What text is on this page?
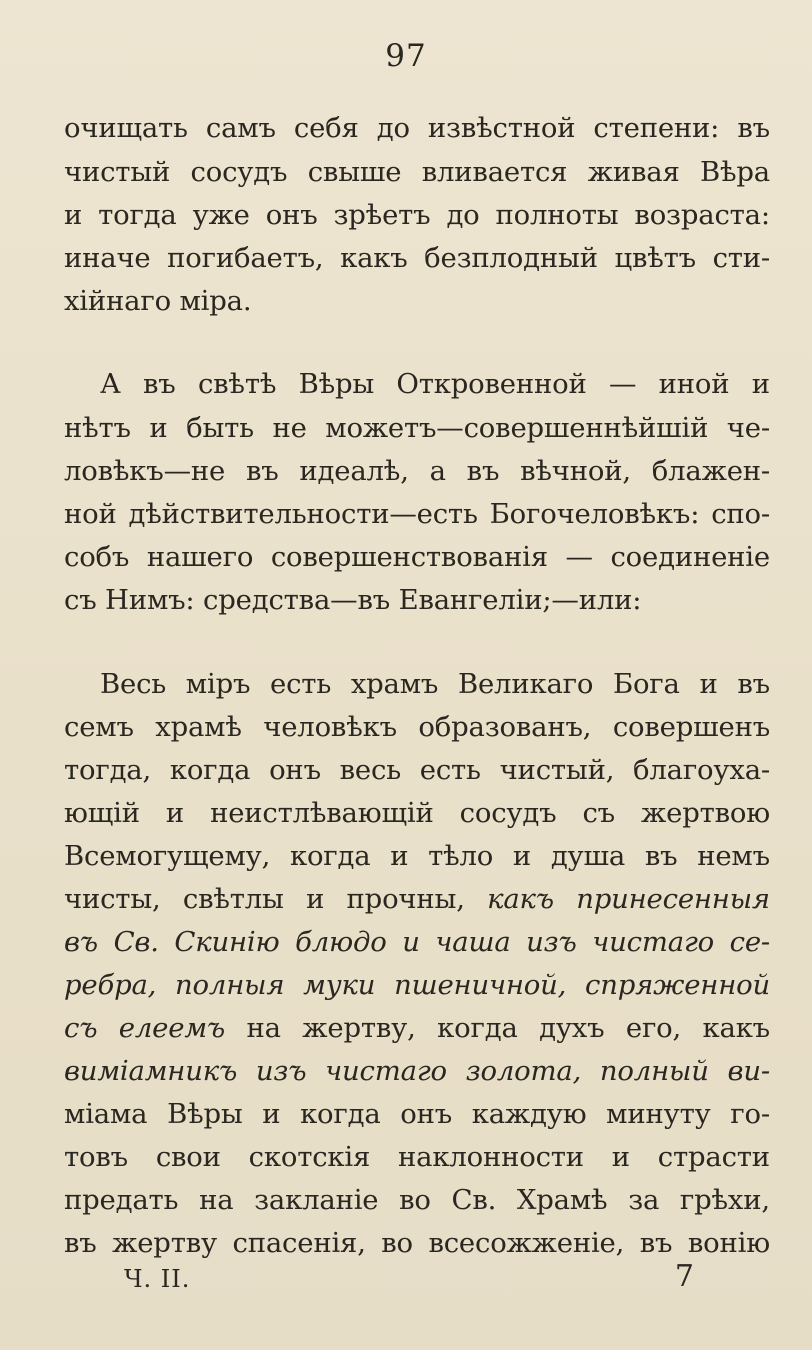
97
очищать самъ себя до извѣстной степени: въ
чистый сосудъ свыше вливается живая Вѣра
и тогда уже онъ зрѣетъ до полноты возраста:
иначе погибаетъ, какъ безплодный цвѣтъ сти-
хійнаго міра.
А въ свѣтѣ Вѣры Откровенной — иной и
нѣтъ и быть не можетъ—совершеннѣйшій че-
ловѣкъ—не въ идеалѣ, а въ вѣчной, блажен-
ной дѣйствительности—есть Богочеловѣкъ: спо-
собъ нашего совершенствованія — соединеніе
съ Нимъ: средства—въ Евангеліи;—или:
Весь міръ есть храмъ Великаго Бога и въ
семъ храмѣ человѣкъ образованъ, совершенъ
тогда, когда онъ весь есть чистый, благоуха-
ющій и неистлѣвающій сосудъ съ жертвою
Всемогущему, когда и тѣло и душа въ немъ
чисты, свѣтлы и прочны, какъ принесенныя
въ Св. Скинію блюдо и чаша изъ чистаго се-
ребра, полныя муки пшеничной, спряженной
съ елеемъ на жертву, когда духъ его, какъ
виміамникъ изъ чистаго золота, полный ви-
міама Вѣры и когда онъ каждую минуту го-
товъ свои скотскія наклонности и страсти
предать на закланіе во Св. Храмѣ за грѣхи,
въ жертву спасенія, во всесожженіе, въ вонію
Ч. II.	7
